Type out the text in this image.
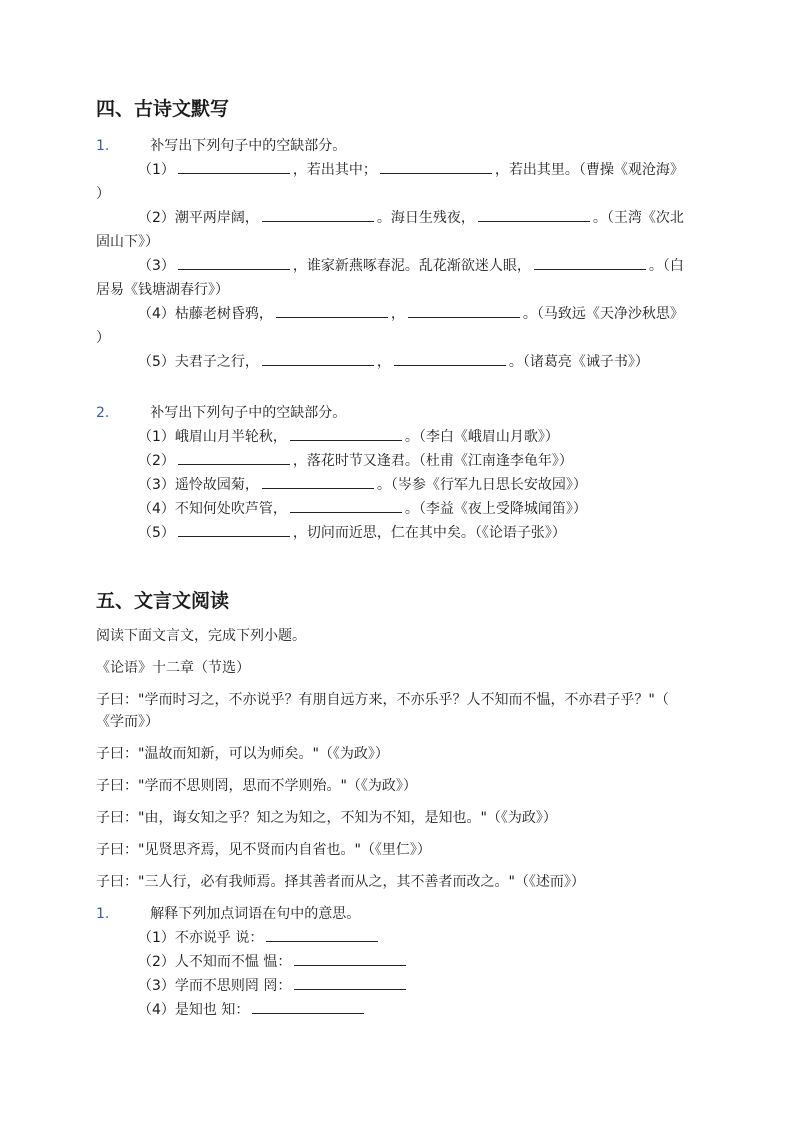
四、古诗文默写
1.	补写出下列句子中的空缺部分。
（1）	，若出其中；	，若出其里。（曹操《观沧海》
）
（2）潮平两岸阔，	。海日生残夜，	。（王湾《次北
固山下》）
（3）	，谁家新燕啄春泥。乱花渐欲迷人眼，	。（白
居易《钱塘湖春行》）
（4）枯藤老树昏鸦，	，	。（马致远《天净沙秋思》
）
（5）夫君子之行，	，	。（诸葛亮《诫子书》）
2.	补写出下列句子中的空缺部分。
（1）峨眉山月半轮秋，	。（李白《峨眉山月歌》）
（2）	，落花时节又逢君。（杜甫《江南逢李龟年》）
（3）遥怜故园菊，	。（岑参《行军九日思长安故园》）
（4）不知何处吹芦管，	。（李益《夜上受降城闻笛》）
（5）	，切问而近思，仁在其中矣。（《论语子张》）
五、文言文阅读
阅读下面文言文，完成下列小题。
《论语》十二章（节选）
子曰："学而时习之，不亦说乎？有朋自远方来，不亦乐乎？人不知而不愠，不亦君子乎？"（
《学而》）
子曰："温故而知新，可以为师矣。"（《为政》）
子曰："学而不思则罔，思而不学则殆。"（《为政》）
子曰："由，诲女知之乎？知之为知之，不知为不知，是知也。"（《为政》）
子曰："见贤思齐焉，见不贤而内自省也。"（《里仁》）
子曰："三人行，必有我师焉。择其善者而从之，其不善者而改之。"（《述而》）
1.	解释下列加点词语在句中的意思。
（1）不亦说乎 说：
（2）人不知而不愠 愠：
（3）学而不思则罔 罔：
（4）是知也 知：
